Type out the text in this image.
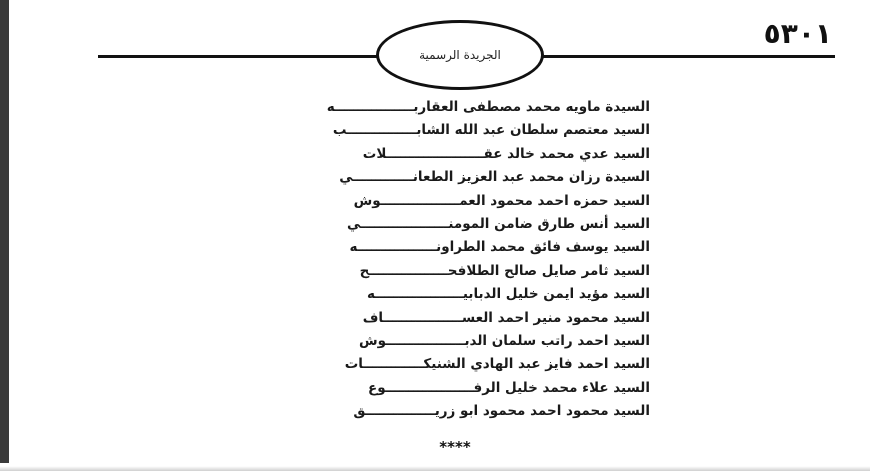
٥٣٠١
الجريدة الرسمية
السيدة ماويه محمد مصطفى العقاربـــــــــــــــــه
السيد معتصم سلطان عبد الله الشابـــــــــــــــب
السيد عدي محمد خالد عقـــــــــــــــــــــلات
السيدة رزان محمد عبد العزيز الطعانـــــــــــــي
السيد حمزه احمد محمود العمـــــــــــــــــوش
السيد أنس طارق ضامن المومنـــــــــــــــــــي
السيد يوسف فائق محمد الطراونـــــــــــــــــه
السيد ثامر صايل صالح الطلافحـــــــــــــــــح
السيد مؤيد ايمن خليل الدبابيـــــــــــــــــــه
السيد محمود منير احمد العســـــــــــــــــاف
السيد احمد راتب سلمان الدبـــــــــــــــــوش
السيد احمد فايز عبد الهادي الشنيكـــــــــــــات
السيد علاء محمد خليل الرفـــــــــــــــــــوع
السيد محمود احمد محمود ابو زريـــــــــــــــق
****
